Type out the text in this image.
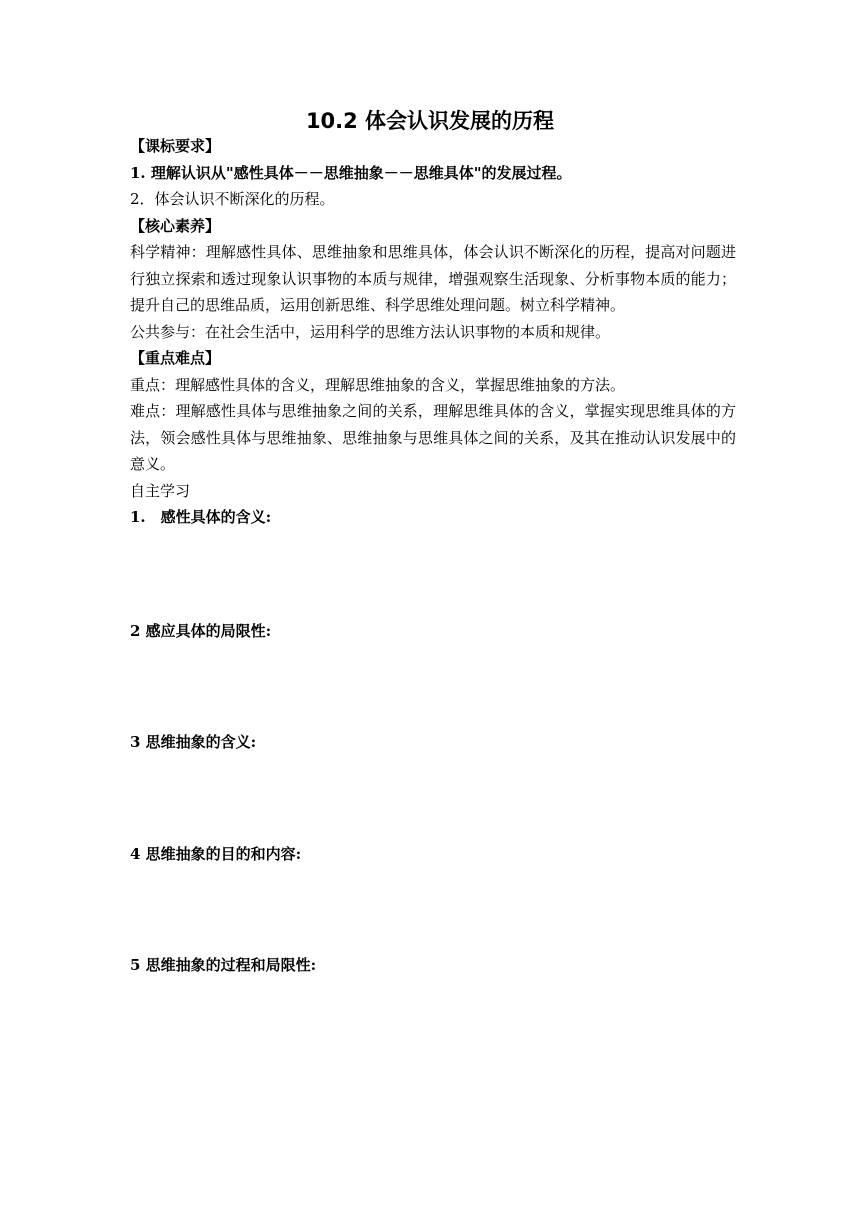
10.2 体会认识发展的历程

【课标要求】

1. 理解认识从"感性具体－－思维抽象－－思维具体"的发展过程。

2．体会认识不断深化的历程。

【核心素养】

科学精神：理解感性具体、思维抽象和思维具体，体会认识不断深化的历程，提高对问题进行独立探索和透过现象认识事物的本质与规律，增强观察生活现象、分析事物本质的能力；提升自己的思维品质，运用创新思维、科学思维处理问题。树立科学精神。

公共参与：在社会生活中，运用科学的思维方法认识事物的本质和规律。

【重点难点】

重点：理解感性具体的含义，理解思维抽象的含义，掌握思维抽象的方法。

难点：理解感性具体与思维抽象之间的关系，理解思维具体的含义，掌握实现思维具体的方法，领会感性具体与思维抽象、思维抽象与思维具体之间的关系，及其在推动认识发展中的意义。

自主学习

1.　感性具体的含义:

2 感应具体的局限性:

3 思维抽象的含义:

4 思维抽象的目的和内容:

5 思维抽象的过程和局限性:
